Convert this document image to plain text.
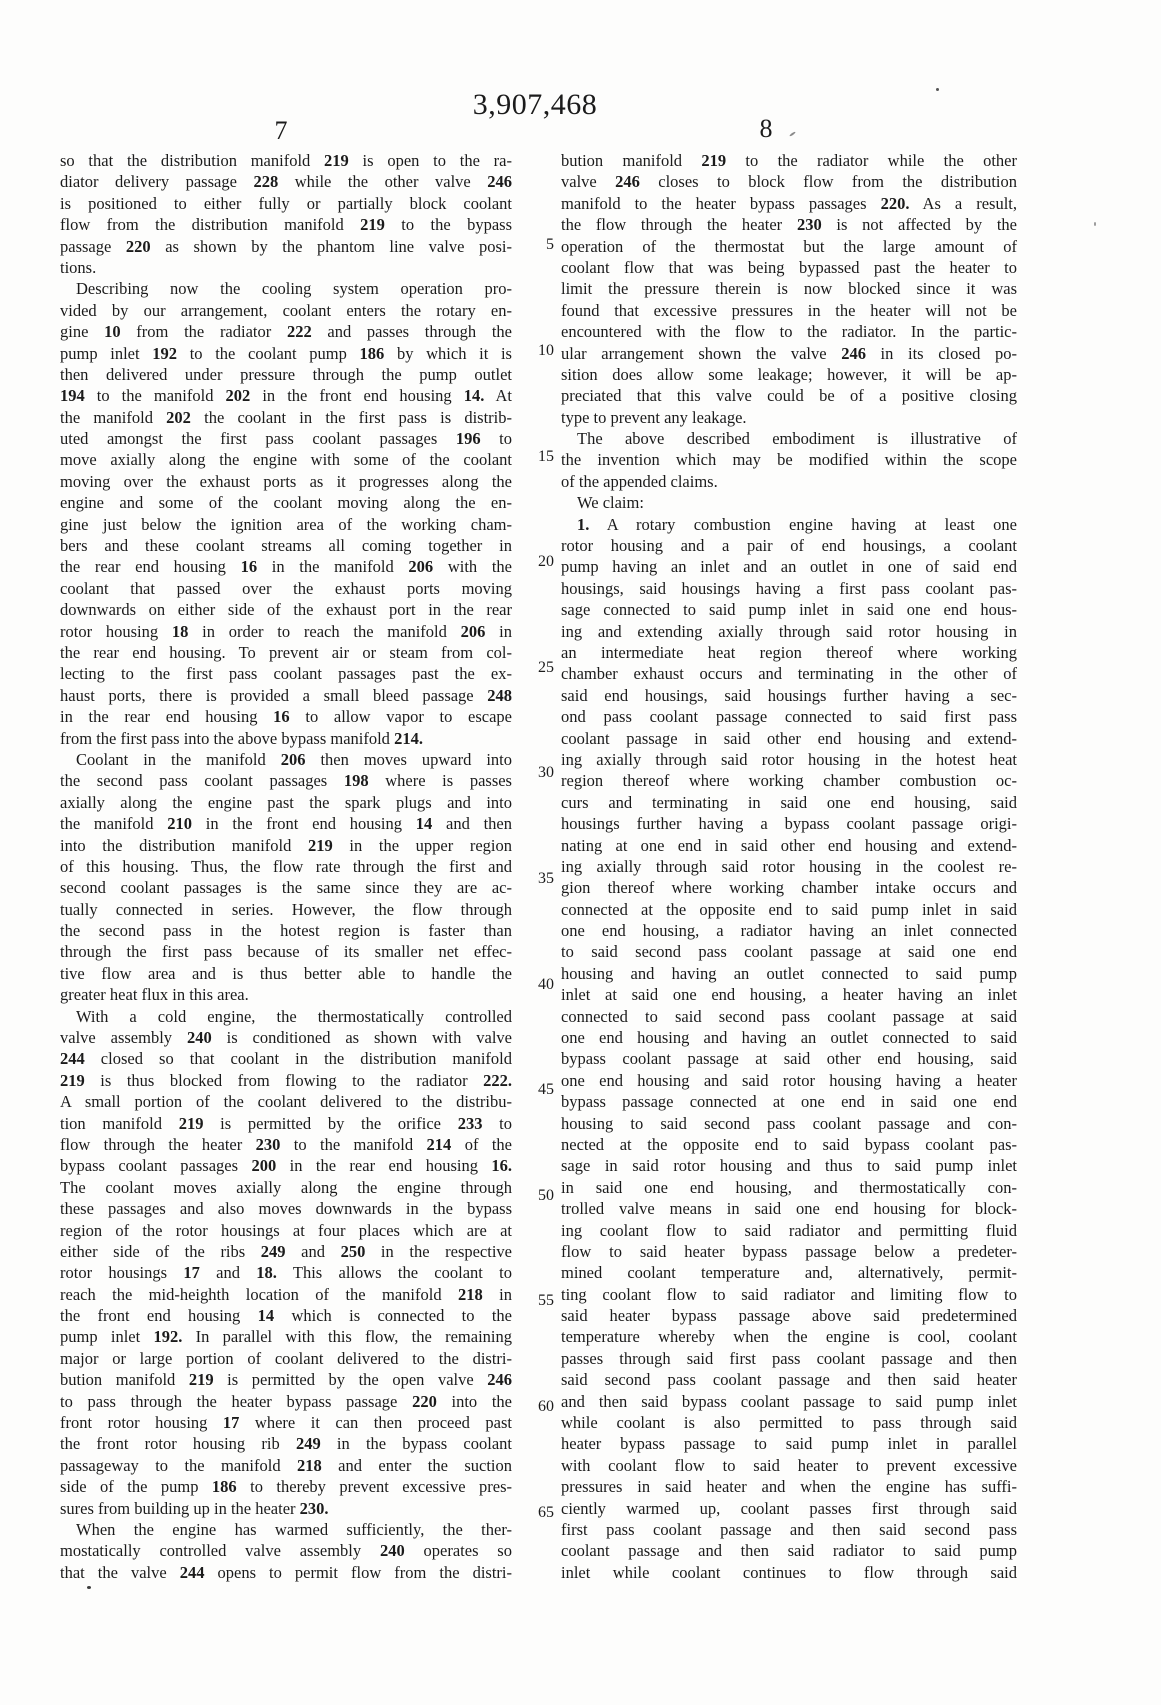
3,907,468
7	8
so that the distribution manifold 219 is open to the ra-
diator delivery passage 228 while the other valve 246
is positioned to either fully or partially block coolant
flow from the distribution manifold 219 to the bypass
passage 220 as shown by the phantom line valve posi-
tions.
Describing now the cooling system operation pro-
vided by our arrangement, coolant enters the rotary en-
gine 10 from the radiator 222 and passes through the
pump inlet 192 to the coolant pump 186 by which it is
then delivered under pressure through the pump outlet
194 to the manifold 202 in the front end housing 14. At
the manifold 202 the coolant in the first pass is distrib-
uted amongst the first pass coolant passages 196 to
move axially along the engine with some of the coolant
moving over the exhaust ports as it progresses along the
engine and some of the coolant moving along the en-
gine just below the ignition area of the working cham-
bers and these coolant streams all coming together in
the rear end housing 16 in the manifold 206 with the
coolant that passed over the exhaust ports moving
downwards on either side of the exhaust port in the rear
rotor housing 18 in order to reach the manifold 206 in
the rear end housing. To prevent air or steam from col-
lecting to the first pass coolant passages past the ex-
haust ports, there is provided a small bleed passage 248
in the rear end housing 16 to allow vapor to escape
from the first pass into the above bypass manifold 214.
Coolant in the manifold 206 then moves upward into
the second pass coolant passages 198 where is passes
axially along the engine past the spark plugs and into
the manifold 210 in the front end housing 14 and then
into the distribution manifold 219 in the upper region
of this housing. Thus, the flow rate through the first and
second coolant passages is the same since they are ac-
tually connected in series. However, the flow through
the second pass in the hotest region is faster than
through the first pass because of its smaller net effec-
tive flow area and is thus better able to handle the
greater heat flux in this area.
With a cold engine, the thermostatically controlled
valve assembly 240 is conditioned as shown with valve
244 closed so that coolant in the distribution manifold
219 is thus blocked from flowing to the radiator 222.
A small portion of the coolant delivered to the distribu-
tion manifold 219 is permitted by the orifice 233 to
flow through the heater 230 to the manifold 214 of the
bypass coolant passages 200 in the rear end housing 16.
The coolant moves axially along the engine through
these passages and also moves downwards in the bypass
region of the rotor housings at four places which are at
either side of the ribs 249 and 250 in the respective
rotor housings 17 and 18. This allows the coolant to
reach the mid-heighth location of the manifold 218 in
the front end housing 14 which is connected to the
pump inlet 192. In parallel with this flow, the remaining
major or large portion of coolant delivered to the distri-
bution manifold 219 is permitted by the open valve 246
to pass through the heater bypass passage 220 into the
front rotor housing 17 where it can then proceed past
the front rotor housing rib 249 in the bypass coolant
passageway to the manifold 218 and enter the suction
side of the pump 186 to thereby prevent excessive pres-
sures from building up in the heater 230.
When the engine has warmed sufficiently, the ther-
mostatically controlled valve assembly 240 operates so
that the valve 244 opens to permit flow from the distri-
bution manifold 219 to the radiator while the other
valve 246 closes to block flow from the distribution
manifold to the heater bypass passages 220. As a result,
the flow through the heater 230 is not affected by the
operation of the thermostat but the large amount of
coolant flow that was being bypassed past the heater to
limit the pressure therein is now blocked since it was
found that excessive pressures in the heater will not be
encountered with the flow to the radiator. In the partic-
ular arrangement shown the valve 246 in its closed po-
sition does allow some leakage; however, it will be ap-
preciated that this valve could be of a positive closing
type to prevent any leakage.
The above described embodiment is illustrative of
the invention which may be modified within the scope
of the appended claims.
We claim:
1. A rotary combustion engine having at least one
rotor housing and a pair of end housings, a coolant
pump having an inlet and an outlet in one of said end
housings, said housings having a first pass coolant pas-
sage connected to said pump inlet in said one end hous-
ing and extending axially through said rotor housing in
an intermediate heat region thereof where working
chamber exhaust occurs and terminating in the other of
said end housings, said housings further having a sec-
ond pass coolant passage connected to said first pass
coolant passage in said other end housing and extend-
ing axially through said rotor housing in the hotest heat
region thereof where working chamber combustion oc-
curs and terminating in said one end housing, said
housings further having a bypass coolant passage origi-
nating at one end in said other end housing and extend-
ing axially through said rotor housing in the coolest re-
gion thereof where working chamber intake occurs and
connected at the opposite end to said pump inlet in said
one end housing, a radiator having an inlet connected
to said second pass coolant passage at said one end
housing and having an outlet connected to said pump
inlet at said one end housing, a heater having an inlet
connected to said second pass coolant passage at said
one end housing and having an outlet connected to said
bypass coolant passage at said other end housing, said
one end housing and said rotor housing having a heater
bypass passage connected at one end in said one end
housing to said second pass coolant passage and con-
nected at the opposite end to said bypass coolant pas-
sage in said rotor housing and thus to said pump inlet
in said one end housing, and thermostatically con-
trolled valve means in said one end housing for block-
ing coolant flow to said radiator and permitting fluid
flow to said heater bypass passage below a predeter-
mined coolant temperature and, alternatively, permit-
ting coolant flow to said radiator and limiting flow to
said heater bypass passage above said predetermined
temperature whereby when the engine is cool, coolant
passes through said first pass coolant passage and then
said second pass coolant passage and then said heater
and then said bypass coolant passage to said pump inlet
while coolant is also permitted to pass through said
heater bypass passage to said pump inlet in parallel
with coolant flow to said heater to prevent excessive
pressures in said heater and when the engine has suffi-
ciently warmed up, coolant passes first through said
first pass coolant passage and then said second pass
coolant passage and then said radiator to said pump
inlet while coolant continues to flow through said
5
10
15
20
25
30
35
40
45
50
55
60
65
